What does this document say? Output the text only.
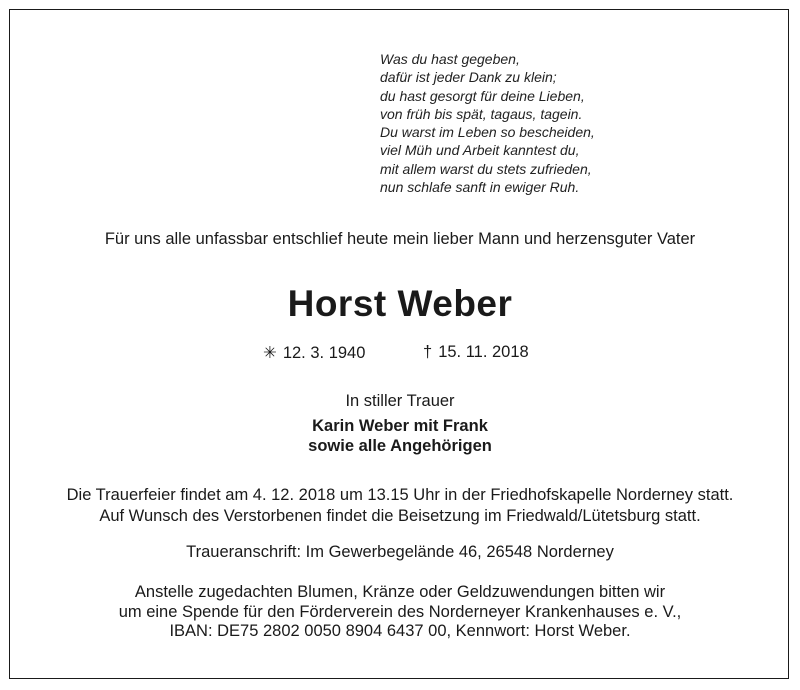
Was du hast gegeben,
dafür ist jeder Dank zu klein;
du hast gesorgt für deine Lieben,
von früh bis spät, tagaus, tagein.
Du warst im Leben so bescheiden,
viel Müh und Arbeit kanntest du,
mit allem warst du stets zufrieden,
nun schlafe sanft in ewiger Ruh.
Für uns alle unfassbar entschlief heute mein lieber Mann und herzensguter Vater
Horst Weber
✳ 12. 3. 1940	† 15. 11. 2018
In stiller Trauer
Karin Weber mit Frank
sowie alle Angehörigen
Die Trauerfeier findet am 4. 12. 2018 um 13.15 Uhr in der Friedhofskapelle Norderney statt.
Auf Wunsch des Verstorbenen findet die Beisetzung im Friedwald/Lütetsburg statt.
Traueranschrift: Im Gewerbegelände 46, 26548 Norderney
Anstelle zugedachten Blumen, Kränze oder Geldzuwendungen bitten wir
um eine Spende für den Förderverein des Norderneyer Krankenhauses e. V.,
IBAN: DE75 2802 0050 8904 6437 00, Kennwort: Horst Weber.
